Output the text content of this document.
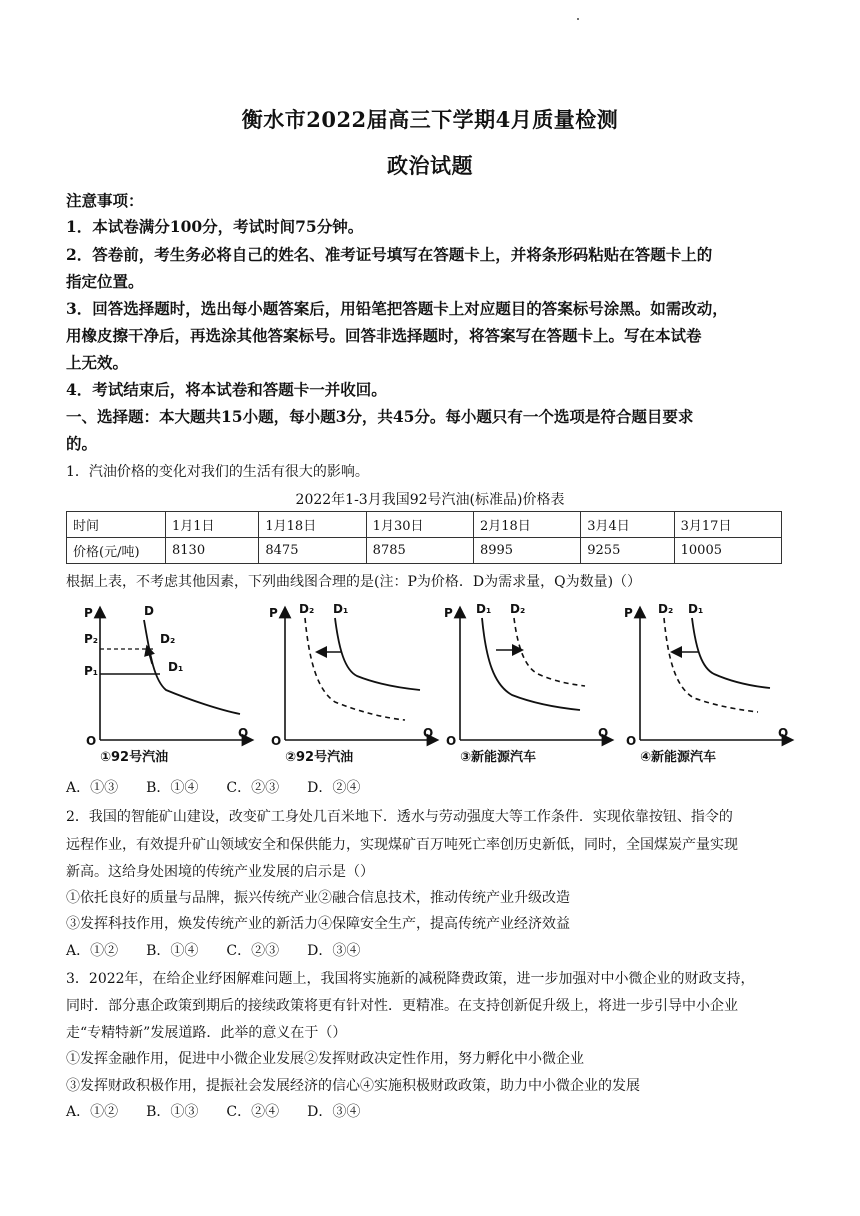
衡水市2022届高三下学期4月质量检测
政治试题
注意事项：
1．本试卷满分100分，考试时间75分钟。
2．答卷前，考生务必将自己的姓名、准考证号填写在答题卡上，并将条形码粘贴在答题卡上的
指定位置。
3．回答选择题时，选出每小题答案后，用铅笔把答题卡上对应题目的答案标号涂黑。如需改动，
用橡皮擦干净后，再选涂其他答案标号。回答非选择题时，将答案写在答题卡上。写在本试卷
上无效。
4．考试结束后，将本试卷和答题卡一并收回。
一、选择题：本大题共15小题，每小题3分，共45分。每小题只有一个选项是符合题目要求
的。
1．汽油价格的变化对我们的生活有很大的影响。
2022年1-3月我国92号汽油(标准品)价格表
时间	1月1日	1月18日	1月30日	2月18日	3月4日	3月17日
价格(元/吨)	8130	8475	8785	8995	9255	10005
根据上表，不考虑其他因素，下列曲线图合理的是(注：P为价格．D为需求量，Q为数量)（）
P	D
P₂	D₂
P₁	D₁
O
Q
①92号汽油
P D₂ D₁
O
Q
②92号汽油
P D₁ D₂
O
Q
③新能源汽车
P D₂ D₁
O
Q
④新能源汽车
A．①③　　B．①④　　C．②③　　D．②④
2．我国的智能矿山建设，改变矿工身处几百米地下．透水与劳动强度大等工作条件．实现依靠按钮、指令的
远程作业，有效提升矿山领域安全和保供能力，实现煤矿百万吨死亡率创历史新低，同时，全国煤炭产量实现
新高。这给身处困境的传统产业发展的启示是（）
①依托良好的质量与品牌，振兴传统产业②融合信息技术，推动传统产业升级改造
③发挥科技作用，焕发传统产业的新活力④保障安全生产，提高传统产业经济效益
A．①②　　B．①④　　C．②③　　D．③④
3．2022年，在给企业纾困解难问题上，我国将实施新的减税降费政策，进一步加强对中小微企业的财政支持，
同时．部分惠企政策到期后的接续政策将更有针对性．更精准。在支持创新促升级上，将进一步引导中小企业
走“专精特新”发展道路．此举的意义在于（）
①发挥金融作用，促进中小微企业发展②发挥财政决定性作用，努力孵化中小微企业
③发挥财政积极作用，提振社会发展经济的信心④实施积极财政政策，助力中小微企业的发展
A．①②　　B．①③　　C．②④　　D．③④
